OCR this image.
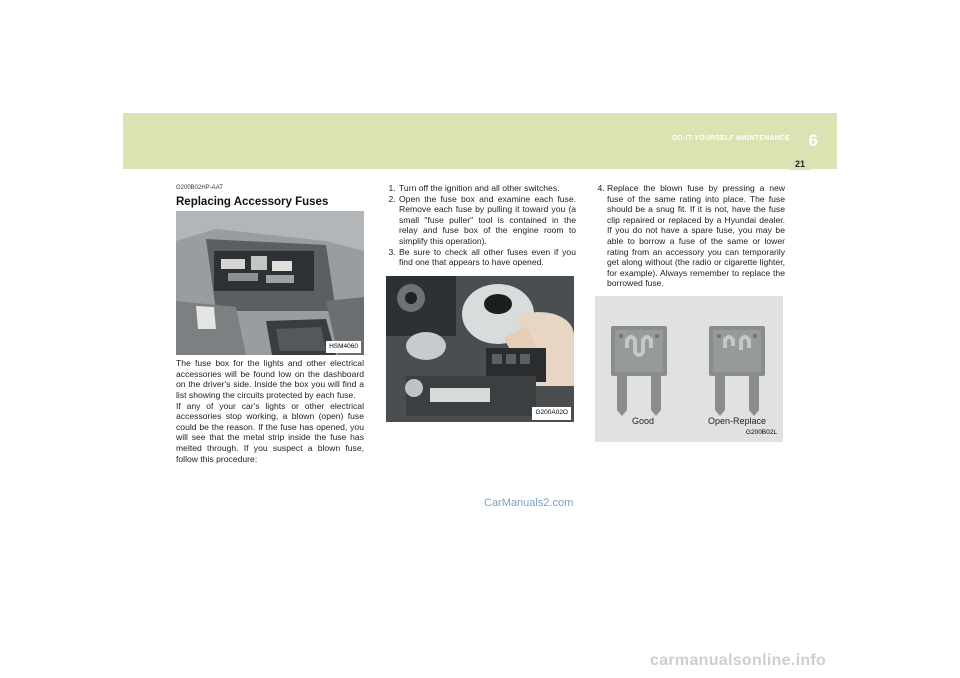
DO-IT-YOURSELF MAINTENANCE 6
21
G200B02HP-AAT
Replacing Accessory Fuses
HSM4060

The fuse box for the lights and other electrical accessories will be found low on the dashboard on the driver's side. Inside the box you will find a list showing the circuits protected by each fuse.

If any of your car's lights or other electrical accessories stop working, a blown (open) fuse could be the reason. If the fuse has opened, you will see that the metal strip inside the fuse has melted through. If you suspect a blown fuse, follow this procedure:

1. Turn off the ignition and all other switches.
2. Open the fuse box and examine each fuse. Remove each fuse by pulling it toward you (a small "fuse puller" tool is contained in the relay and fuse box of the engine room to simplify this operation).
3. Be sure to check all other fuses even if you find one that appears to have opened.
G200A02O
4. Replace the blown fuse by pressing a new fuse of the same rating into place. The fuse should be a snug fit. If it is not, have the fuse clip repaired or replaced by a Hyundai dealer. If you do not have a spare fuse, you may be able to borrow a fuse of the same or lower rating from an accessory you can temporarily get along without (the radio or cigarette lighter, for example). Always remember to replace the borrowed fuse.
Good	Open-Replace
G200B02L
CarManuals2.com
carmanualsonline.info
